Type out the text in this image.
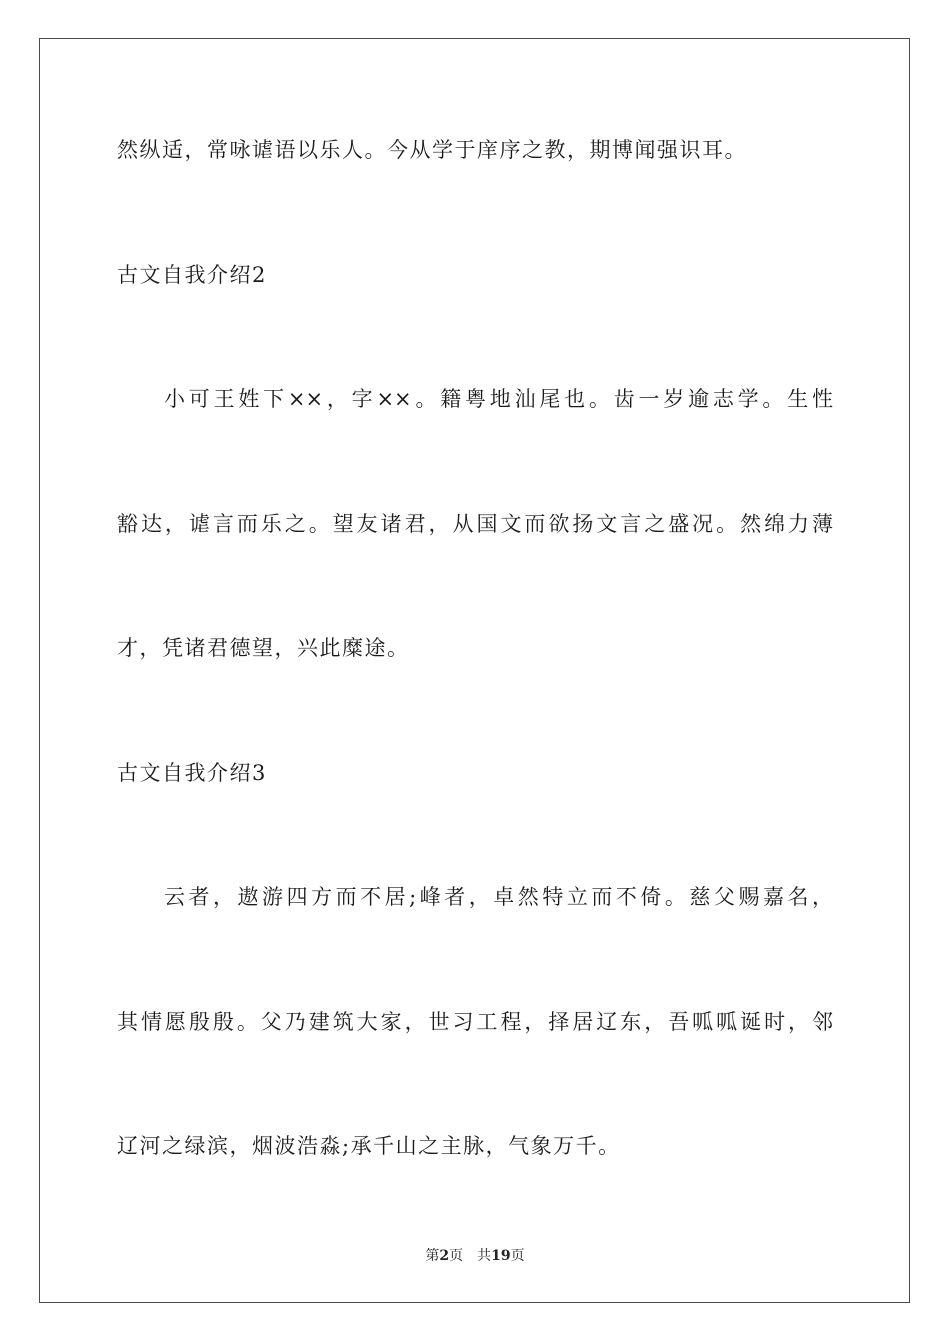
然纵适，常咏谑语以乐人。今从学于庠序之教，期博闻强识耳。
古文自我介绍2
小可王姓下××，字××。籍粤地汕尾也。齿一岁逾志学。生性
豁达，谑言而乐之。望友诸君，从国文而欲扬文言之盛况。然绵力薄
才，凭诸君德望，兴此糜途。
古文自我介绍3
云者，遨游四方而不居;峰者，卓然特立而不倚。慈父赐嘉名，
其情愿殷殷。父乃建筑大家，世习工程，择居辽东，吾呱呱诞时，邻
辽河之绿滨，烟波浩淼;承千山之主脉，气象万千。
第2页 共19页
